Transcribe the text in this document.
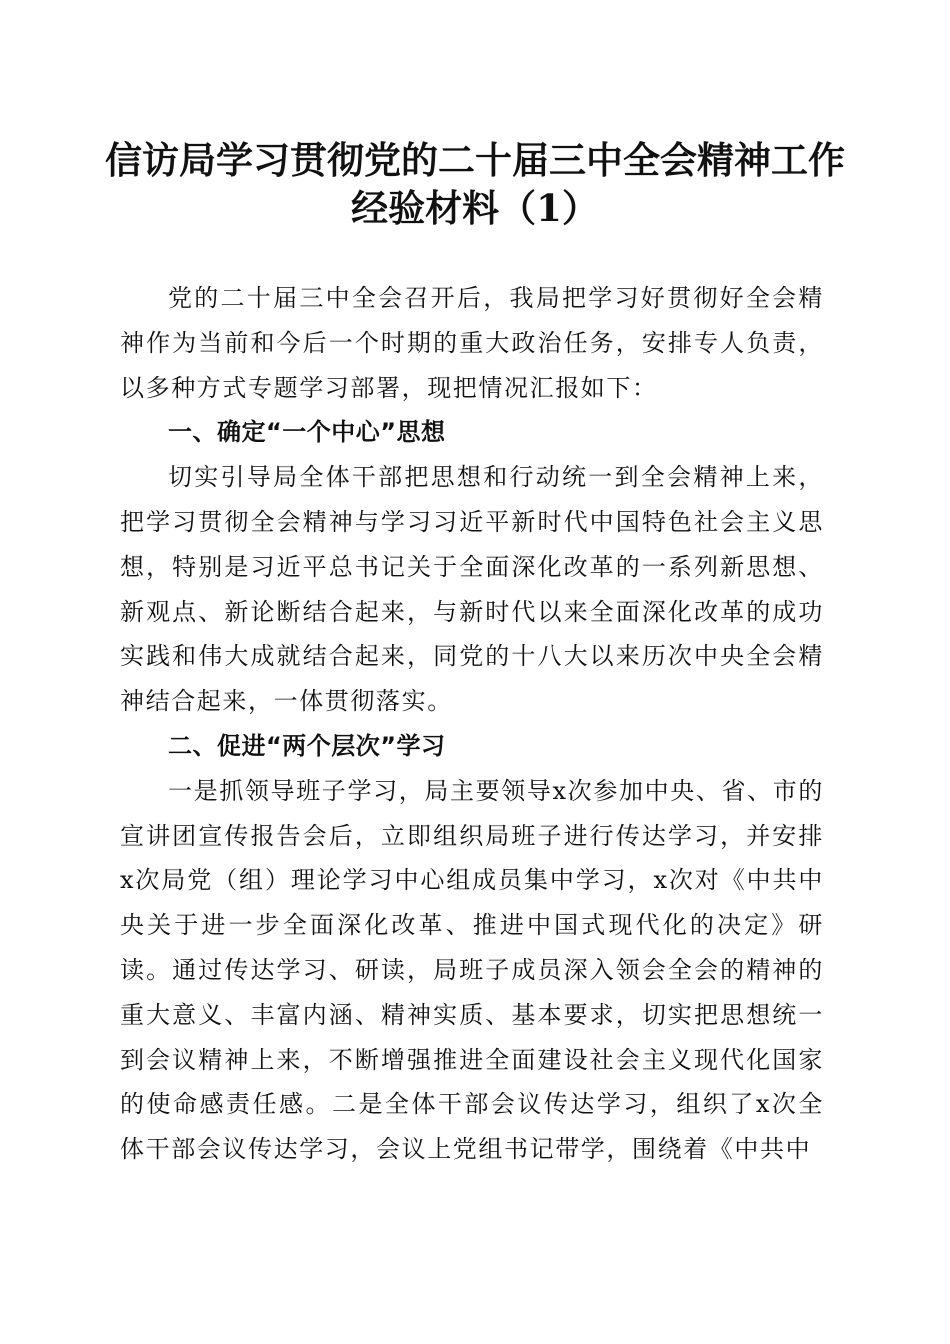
信访局学习贯彻党的二十届三中全会精神工作
经验材料（1）

党的二十届三中全会召开后，我局把学习好贯彻好全会精神作为当前和今后一个时期的重大政治任务，安排专人负责，以多种方式专题学习部署，现把情况汇报如下：

一、确定“一个中心”思想

切实引导局全体干部把思想和行动统一到全会精神上来，把学习贯彻全会精神与学习习近平新时代中国特色社会主义思想，特别是习近平总书记关于全面深化改革的一系列新思想、新观点、新论断结合起来，与新时代以来全面深化改革的成功实践和伟大成就结合起来，同党的十八大以来历次中央全会精神结合起来，一体贯彻落实。

二、促进“两个层次”学习

一是抓领导班子学习，局主要领导x次参加中央、省、市的宣讲团宣传报告会后，立即组织局班子进行传达学习，并安排x次局党（组）理论学习中心组成员集中学习，x次对《中共中央关于进一步全面深化改革、推进中国式现代化的决定》研读。通过传达学习、研读，局班子成员深入领会全会的精神的重大意义、丰富内涵、精神实质、基本要求，切实把思想统一到会议精神上来，不断增强推进全面建设社会主义现代化国家的使命感责任感。二是全体干部会议传达学习，组织了x次全体干部会议传达学习，会议上党组书记带学，围绕着《中共中
